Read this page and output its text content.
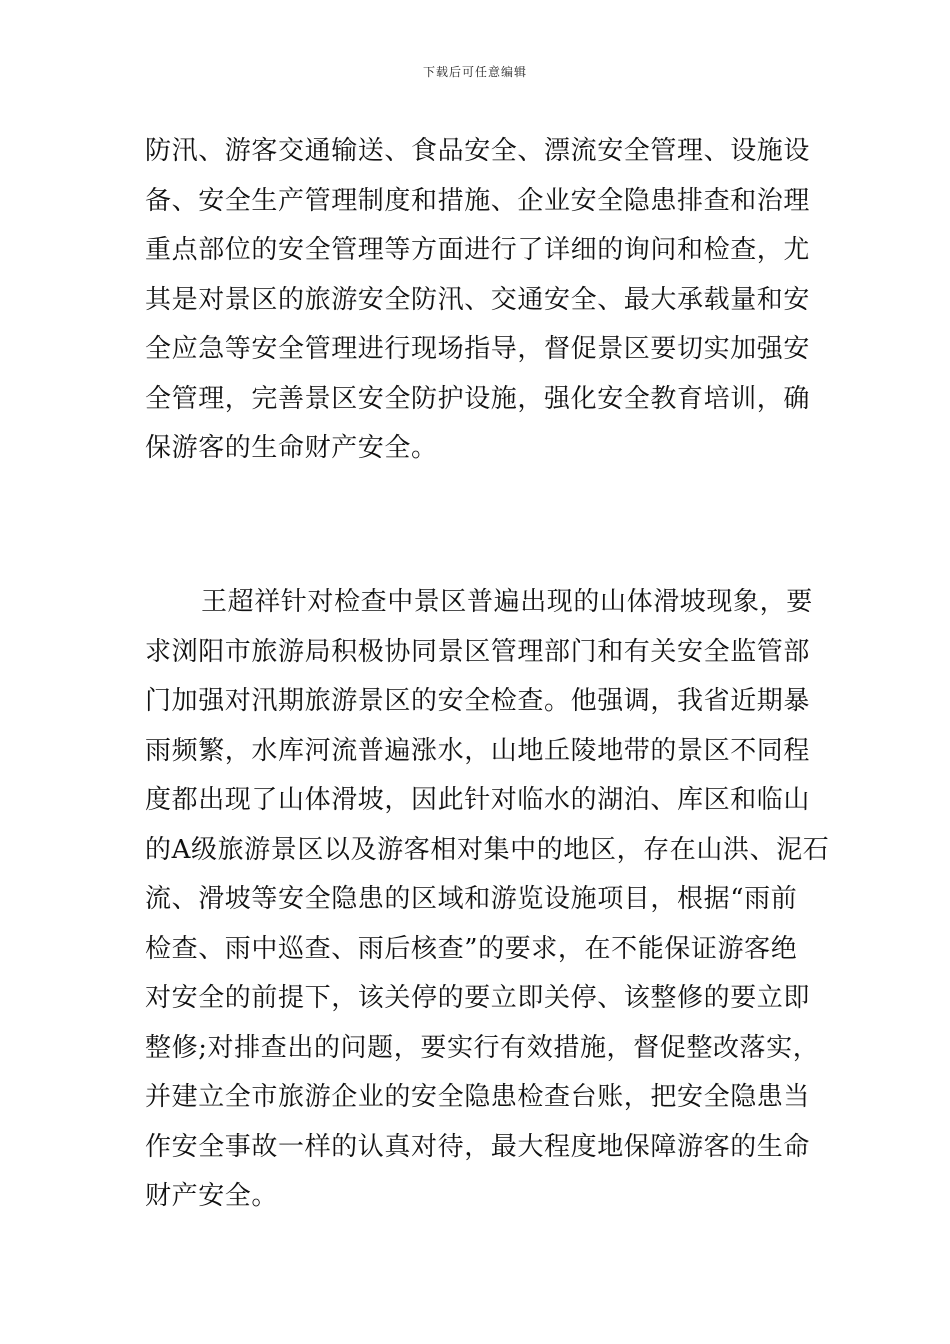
下载后可任意编辑
防汛、游客交通输送、食品安全、漂流安全管理、设施设
备、安全生产管理制度和措施、企业安全隐患排查和治理
重点部位的安全管理等方面进行了详细的询问和检查，尤
其是对景区的旅游安全防汛、交通安全、最大承载量和安
全应急等安全管理进行现场指导，督促景区要切实加强安
全管理，完善景区安全防护设施，强化安全教育培训，确
保游客的生命财产安全。
王超祥针对检查中景区普遍出现的山体滑坡现象，要
求浏阳市旅游局积极协同景区管理部门和有关安全监管部
门加强对汛期旅游景区的安全检查。他强调，我省近期暴
雨频繁，水库河流普遍涨水，山地丘陵地带的景区不同程
度都出现了山体滑坡，因此针对临水的湖泊、库区和临山
的A级旅游景区以及游客相对集中的地区，存在山洪、泥石
流、滑坡等安全隐患的区域和游览设施项目，根据“雨前
检查、雨中巡查、雨后核查”的要求，在不能保证游客绝
对安全的前提下，该关停的要立即关停、该整修的要立即
整修;对排查出的问题，要实行有效措施，督促整改落实，
并建立全市旅游企业的安全隐患检查台账，把安全隐患当
作安全事故一样的认真对待，最大程度地保障游客的生命
财产安全。
